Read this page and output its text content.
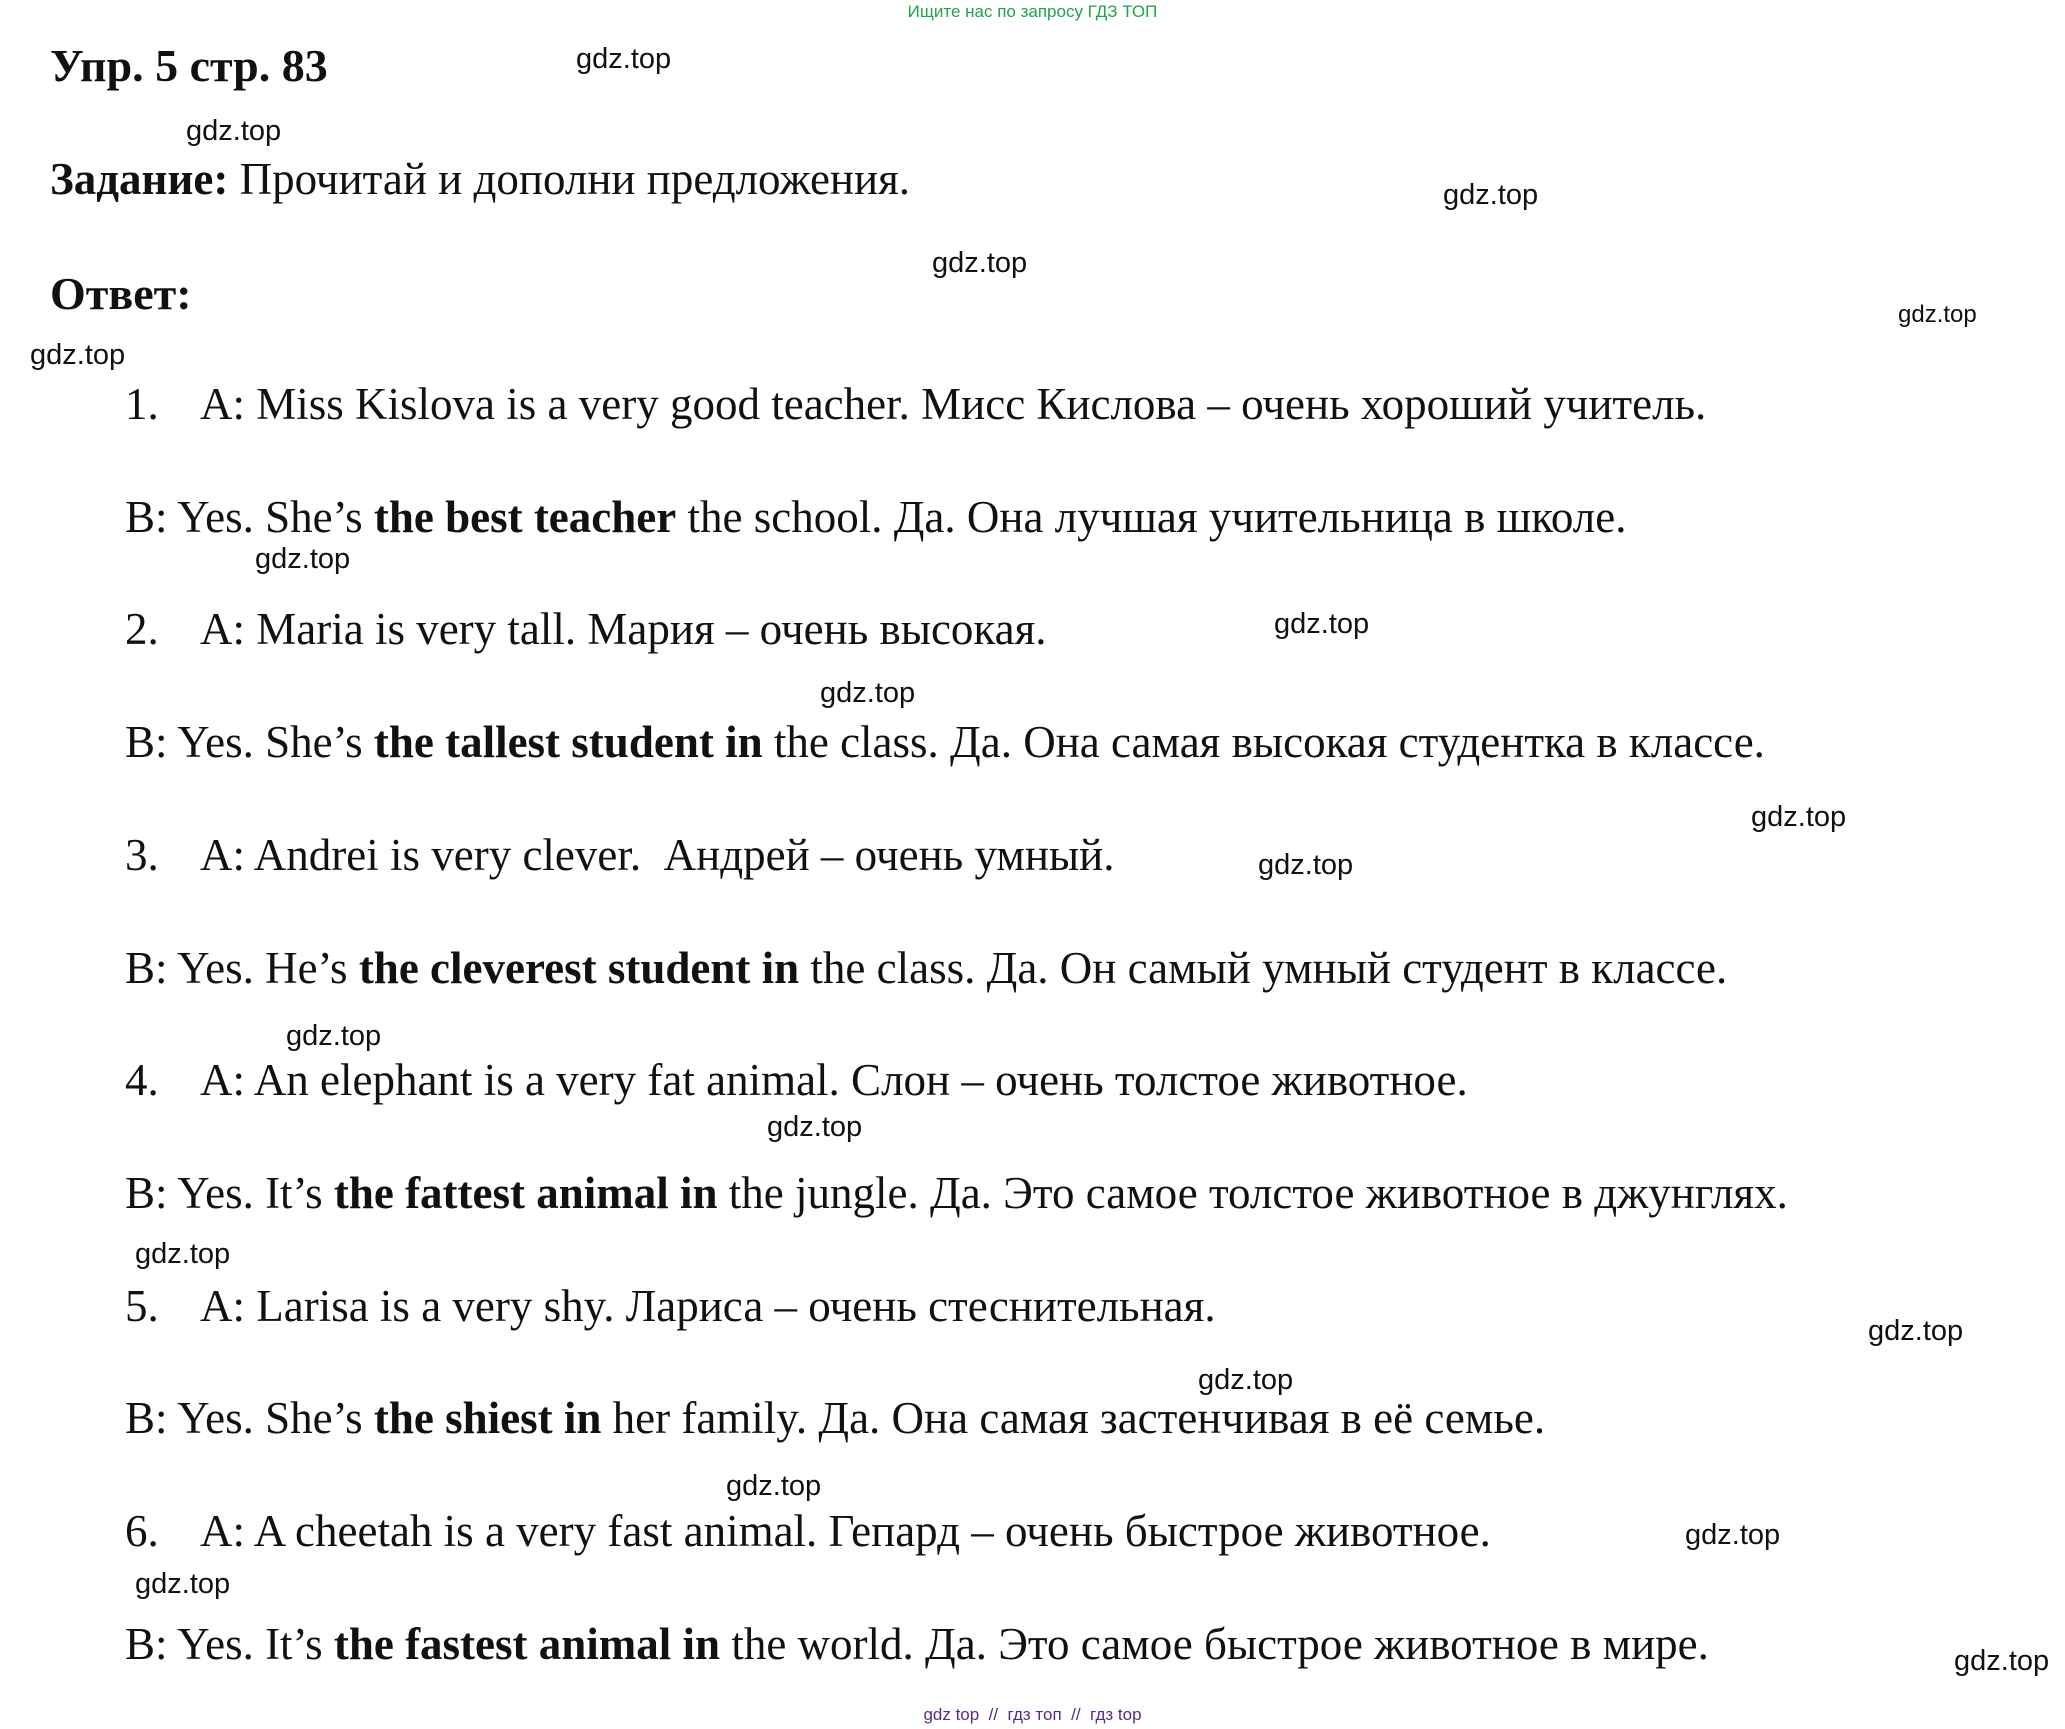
Ищите нас по запросу ГДЗ ТОП
Упр. 5 стр. 83
Задание: Прочитай и дополни предложения.
Ответ:
1. A: Miss Kislova is a very good teacher. Мисс Кислова – очень хороший учитель.
B: Yes. She’s the best teacher the school. Да. Она лучшая учительница в школе.
2. A: Maria is very tall. Мария – очень высокая.
B: Yes. She’s the tallest student in the class. Да. Она самая высокая студентка в классе.
3. A: Andrei is very clever.  Андрей – очень умный.
B: Yes. He’s the cleverest student in the class. Да. Он самый умный студент в классе.
4. A: An elephant is a very fat animal. Слон – очень толстое животное.
B: Yes. It’s the fattest animal in the jungle. Да. Это самое толстое животное в джунглях.
5. A: Larisa is a very shy. Лариса – очень стеснительная.
B: Yes. She’s the shiest in her family. Да. Она самая застенчивая в её семье.
6. A: A cheetah is a very fast animal. Гепард – очень быстрое животное.
B: Yes. It’s the fastest animal in the world. Да. Это самое быстрое животное в мире.
gdz.top
gdz.top
gdz.top
gdz.top
gdz.top
gdz.top
gdz.top
gdz.top
gdz.top
gdz.top
gdz.top
gdz.top
gdz.top
gdz.top
gdz.top
gdz.top
gdz.top
gdz.top
gdz.top
gdz.top
gdz top  //  гдз топ  //  гдз top
